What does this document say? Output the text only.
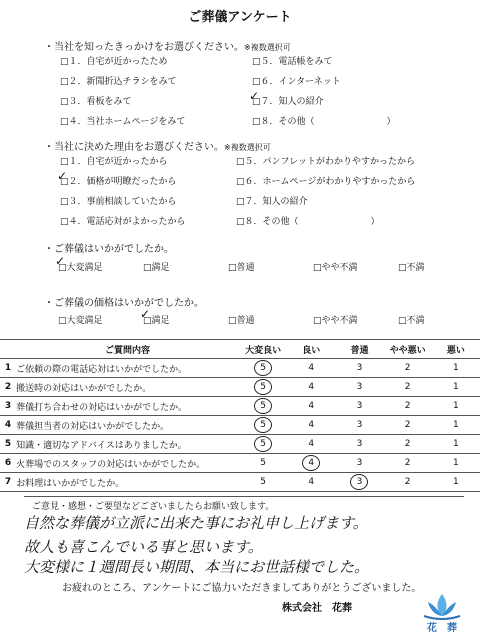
ご葬儀アンケート
・当社を知ったきっかけをお選びください。※複数選択可
□１．自宅が近かったため
□２．新聞折込チラシをみて
□３．看板をみて
□４．当社ホームページをみて
□５．電話帳をみて
□６．インターネット
□７．知人の紹介 ✓
□８．その他（　　　　　　　　）
・当社に決めた理由をお選びください。※複数選択可
□１．自宅が近かったから
□２．価格が明瞭だったから ✓
□３．事前相談していたから
□４．電話応対がよかったから
□５．パンフレットがわかりやすかったから
□６．ホームページがわかりやすかったから
□７．知人の紹介
□８．その他（　　　　　　　　）
・ご葬儀はいかがでしたか。
□大変満足 ✓	□満足	□普通	□やや不満	□不満
・ご葬儀の価格はいかがでしたか。
□大変満足	□満足 ✓	□普通	□やや不満	□不満
	ご質問内容	大変良い	良い	普通	やや悪い	悪い
1	ご依頼の際の電話応対はいかがでしたか。	5	4	3	2	1
2	搬送時の対応はいかがでしたか。	5	4	3	2	1
3	葬儀打ち合わせの対応はいかがでしたか。	5	4	3	2	1
4	葬儀担当者の対応はいかがでしたか。	5	4	3	2	1
5	知識・適切なアドバイスはありましたか。	5	4	3	2	1
6	火葬場でのスタッフの対応はいかがでしたか。	5	4	3	2	1
7	お料理はいかがでしたか。	5	4	3	2	1
ご意見・感想・ご要望などございましたらお願い致します。
自然な葬儀が立派に出来た事にお礼申し上げます。
故人も喜こんでいる事と思います。
大変様に１週間長い期間、本当にお世話様でした。
お疲れのところ、アンケートにご協力いただきましてありがとうございました。
株式会社　花葬
花　葬
